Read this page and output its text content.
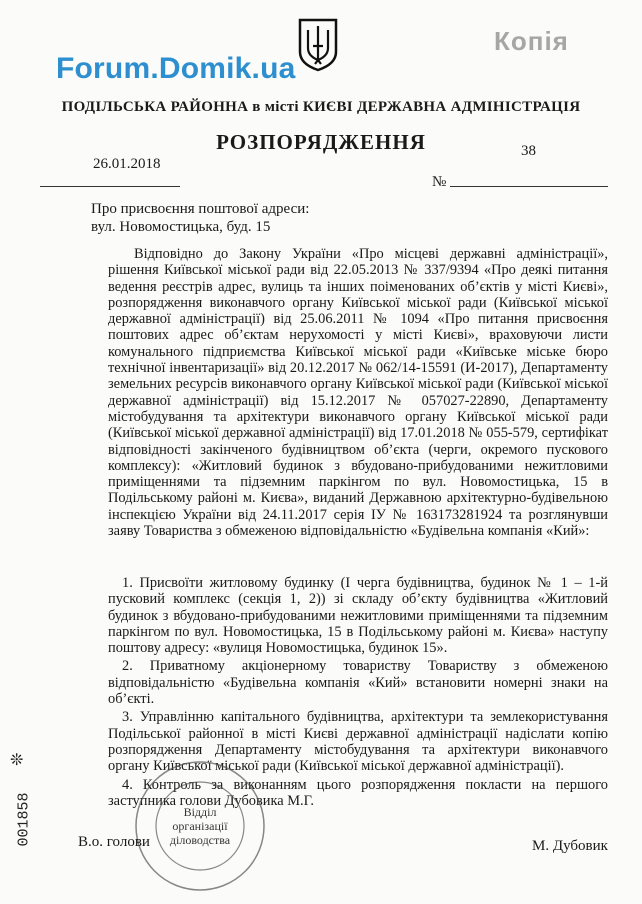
Forum.Domik.ua
Копія
ПОДІЛЬСЬКА РАЙОННА в місті КИЄВІ ДЕРЖАВНА АДМІНІСТРАЦІЯ
РОЗПОРЯДЖЕННЯ
26.01.2018
№
38
Про присвоєння поштової адреси:
вул. Новомостицька, буд. 15

Відповідно до Закону України «Про місцеві державні адміністрації», рішення Київської міської ради від 22.05.2013 № 337/9394 «Про деякі питання ведення реєстрів адрес, вулиць та інших поіменованих об’єктів у місті Києві», розпорядження виконавчого органу Київської міської ради (Київської міської державної адміністрації) від 25.06.2011 № 1094 «Про питання присвоєння поштових адрес об’єктам нерухомості у місті Києві», враховуючи листи комунального підприємства Київської міської ради «Київське міське бюро технічної інвентаризації» від 20.12.2017 № 062/14-15591 (И-2017), Департаменту земельних ресурсів виконавчого органу Київської міської ради (Київської міської державної адміністрації) від 15.12.2017 № 057027-22890, Департаменту містобудування та архітектури виконавчого органу Київської міської ради (Київської міської державної адміністрації) від 17.01.2018 № 055-579, сертифікат відповідності закінченого будівництвом об’єкта (черги, окремого пускового комплексу): «Житловий будинок з вбудовано-прибудованими нежитловими приміщеннями та підземним паркінгом по вул. Новомостицька, 15 в Подільському районі м. Києва», виданий Державною архітектурно-будівельною інспекцією України від 24.11.2017 серія IУ № 163173281924 та розглянувши заяву Товариства з обмеженою відповідальністю «Будівельна компанія «Кий»:

1. Присвоїти житловому будинку (І черга будівництва, будинок № 1 – 1-й пусковий комплекс (секція 1, 2)) зі складу об’єкту будівництва «Житловий будинок з вбудовано-прибудованими нежитловими приміщеннями та підземним паркінгом по вул. Новомостицька, 15 в Подільському районі м. Києва» наступу поштову адресу: «вулиця Новомостицька, будинок 15».

2. Приватному акціонерному товариству Товариству з обмеженою відповідальністю «Будівельна компанія «Кий» встановити номерні знаки на об’єкті.

3. Управлінню капітального будівництва, архітектури та землекористування Подільської районної в місті Києві державної адміністрації надіслати копію розпорядження Департаменту містобудування та архітектури виконавчого органу Київської міської ради (Київської міської державної адміністрації).

4. Контроль за виконанням цього розпорядження покласти на першого заступника голови Дубовика М.Г.

Відділ
організації
діловодства
В.о. голови	М. Дубовик
❊
001858
